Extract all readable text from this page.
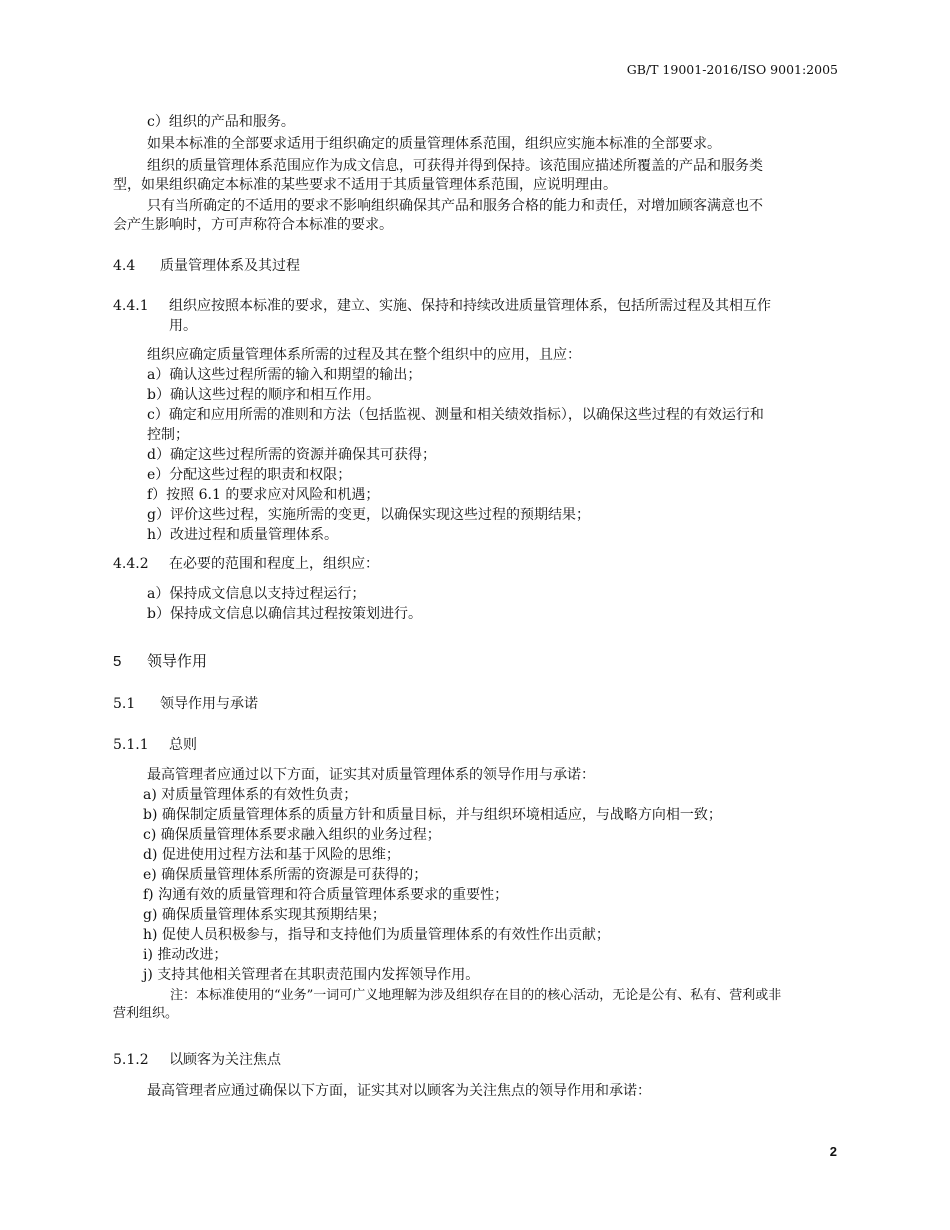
GB/T 19001-2016/ISO 9001:2005
c）组织的产品和服务。
如果本标准的全部要求适用于组织确定的质量管理体系范围，组织应实施本标准的全部要求。
组织的质量管理体系范围应作为成文信息，可获得并得到保持。该范围应描述所覆盖的产品和服务类
型，如果组织确定本标准的某些要求不适用于其质量管理体系范围，应说明理由。
只有当所确定的不适用的要求不影响组织确保其产品和服务合格的能力和责任，对增加顾客满意也不
会产生影响时，方可声称符合本标准的要求。
4.4 质量管理体系及其过程
4.4.1 组织应按照本标准的要求，建立、实施、保持和持续改进质量管理体系，包括所需过程及其相互作
用。
组织应确定质量管理体系所需的过程及其在整个组织中的应用，且应：
a）确认这些过程所需的输入和期望的输出；
b）确认这些过程的顺序和相互作用。
c）确定和应用所需的准则和方法（包括监视、测量和相关绩效指标），以确保这些过程的有效运行和
控制；
d）确定这些过程所需的资源并确保其可获得；
e）分配这些过程的职责和权限；
f）按照 6.1 的要求应对风险和机遇；
g）评价这些过程，实施所需的变更，以确保实现这些过程的预期结果；
h）改进过程和质量管理体系。
4.4.2 在必要的范围和程度上，组织应：
a）保持成文信息以支持过程运行；
b）保持成文信息以确信其过程按策划进行。
5 领导作用
5.1 领导作用与承诺
5.1.1 总则
最高管理者应通过以下方面，证实其对质量管理体系的领导作用与承诺：
a) 对质量管理体系的有效性负责；
b) 确保制定质量管理体系的质量方针和质量目标，并与组织环境相适应，与战略方向相一致；
c) 确保质量管理体系要求融入组织的业务过程；
d) 促进使用过程方法和基于风险的思维；
e) 确保质量管理体系所需的资源是可获得的；
f) 沟通有效的质量管理和符合质量管理体系要求的重要性；
g) 确保质量管理体系实现其预期结果；
h) 促使人员积极参与，指导和支持他们为质量管理体系的有效性作出贡献；
i) 推动改进；
j) 支持其他相关管理者在其职责范围内发挥领导作用。
注：本标准使用的“业务”一词可广义地理解为涉及组织存在目的的核心活动，无论是公有、私有、营利或非
营利组织。
5.1.2 以顾客为关注焦点
最高管理者应通过确保以下方面，证实其对以顾客为关注焦点的领导作用和承诺：
2
